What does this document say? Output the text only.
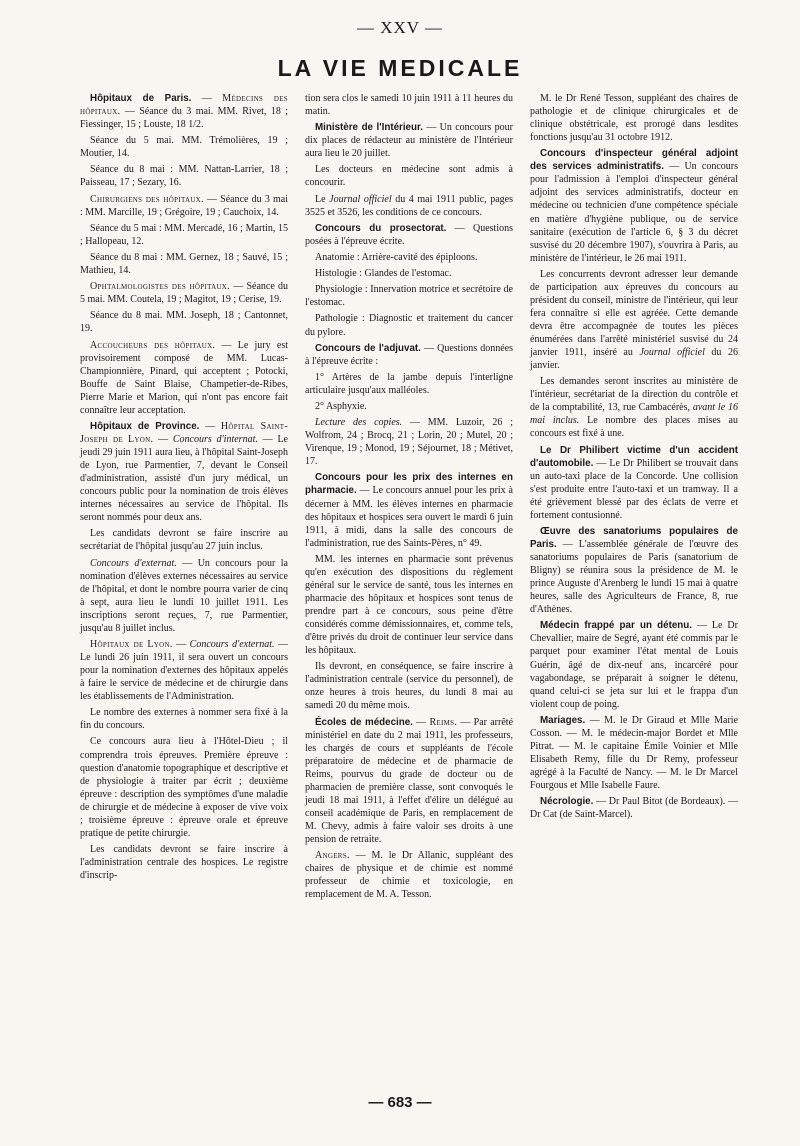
— XXV —
LA VIE MEDICALE

Hôpitaux de Paris. — Médecins des hôpitaux. — Séance du 3 mai. MM. Rivet, 18 ; Fiessinger, 15 ; Louste, 18 1/2.

Séance du 5 mai. MM. Trémolières, 19 ; Moutier, 14.

Séance du 8 mai : MM. Nattan-Larrier, 18 ; Paisseau, 17 ; Sezary, 16.

Chirurgiens des hôpitaux. — Séance du 3 mai : MM. Marcille, 19 ; Grégoire, 19 ; Cauchoix, 14.

Séance du 5 mai : MM. Mercadé, 16 ; Martin, 15 ; Hallopeau, 12.

Séance du 8 mai : MM. Gernez, 18 ; Sauvé, 15 ; Mathieu, 14.

Ophtalmologistes des hôpitaux. — Séance du 5 mai. MM. Coutela, 19 ; Magitot, 19 ; Cerise, 19.

Séance du 8 mai. MM. Joseph, 18 ; Cantonnet, 19.

Accoucheurs des hôpitaux. — Le jury est provisoirement composé de MM. Lucas-Championnière, Pinard, qui acceptent ; Potocki, Bouffe de Saint Blaise, Champetier-de-Ribes, Pierre Marie et Marion, qui n'ont pas encore fait connaître leur acceptation.

Hôpitaux de Province. — Hôpital Saint-Joseph de Lyon. — Concours d'internat. — Le jeudi 29 juin 1911 aura lieu, à l'hôpital Saint-Joseph de Lyon, rue Parmentier, 7, devant le Conseil d'administration, assisté d'un jury médical, un concours public pour la nomination de trois élèves internes nécessaires au service de l'hôpital. Ils seront nommés pour deux ans.

Les candidats devront se faire inscrire au secrétariat de l'hôpital jusqu'au 27 juin inclus.

Concours d'externat. — Un concours pour la nomination d'élèves externes nécessaires au service de l'hôpital, et dont le nombre pourra varier de cinq à sept, aura lieu le lundi 10 juillet 1911. Les inscriptions seront reçues, 7, rue Parmentier, jusqu'au 8 juillet inclus.

Hôpitaux de Lyon. — Concours d'externat. — Le lundi 26 juin 1911, il sera ouvert un concours pour la nomination d'externes des hôpitaux appelés à faire le service de médecine et de chirurgie dans les établissements de l'Administration.

Le nombre des externes à nommer sera fixé à la fin du concours.

Ce concours aura lieu à l'Hôtel-Dieu ; il comprendra trois épreuves. Première épreuve : question d'anatomie topographique et descriptive et de physiologie à traiter par écrit ; deuxième épreuve : description des symptômes d'une maladie de chirurgie et de médecine à exposer de vive voix ; troisième épreuve : épreuve orale et épreuve pratique de petite chirurgie.

Les candidats devront se faire inscrire à l'administration centrale des hospices. Le registre d'inscrip-

tion sera clos le samedi 10 juin 1911 à 11 heures du matin.

Ministère de l'Intérieur. — Un concours pour dix places de rédacteur au ministère de l'Intérieur aura lieu le 20 juillet.

Les docteurs en médecine sont admis à concourir.

Le Journal officiel du 4 mai 1911 public, pages 3525 et 3526, les conditions de ce concours.

Concours du prosectorat. — Questions posées à l'épreuve écrite.

Anatomie : Arrière-cavité des épiploons.

Histologie : Glandes de l'estomac.

Physiologie : Innervation motrice et secrétoire de l'estomac.

Pathologie : Diagnostic et traitement du cancer du pylore.

Concours de l'adjuvat. — Questions données à l'épreuve écrite :

1° Artères de la jambe depuis l'interligne articulaire jusqu'aux malléoles.

2° Asphyxie.

Lecture des copies. — MM. Luzoir, 26 ; Wolfrom, 24 ; Brocq, 21 ; Lorin, 20 ; Mutel, 20 ; Virenque, 19 ; Monod, 19 ; Séjournet, 18 ; Métivet, 17.

Concours pour les prix des internes en pharmacie. — Le concours annuel pour les prix à décerner à MM. les élèves internes en pharmacie des hôpitaux et hospices sera ouvert le mardi 6 juin 1911, à midi, dans la salle des concours de l'administration, rue des Saints-Pères, n° 49.

MM. les internes en pharmacie sont prévenus qu'en exécution des dispositions du règlement général sur le service de santé, tous les internes en pharmacie des hôpitaux et hospices sont tenus de prendre part à ce concours, sous peine d'être considérés comme démissionnaires, et, comme tels, d'être privés du droit de continuer leur service dans les hôpitaux.

Ils devront, en conséquence, se faire inscrire à l'administration centrale (service du personnel), de onze heures à trois heures, du lundi 8 mai au samedi 20 du même mois.

Écoles de médecine. — Reims. — Par arrêté ministériel en date du 2 mai 1911, les professeurs, les chargés de cours et suppléants de l'école préparatoire de médecine et de pharmacie de Reims, pourvus du grade de docteur ou de pharmacien de première classe, sont convoqués le jeudi 18 mai 1911, à l'effet d'élire un délégué au conseil académique de Paris, en remplacement de M. Chevy, admis à faire valoir ses droits à une pension de retraite.

Angers. — M. le Dr Allanic, suppléant des chaires de physique et de chimie est nommé professeur de chimie et toxicologie, en remplacement de M. A. Tesson.

M. le Dr René Tesson, suppléant des chaires de pathologie et de clinique chirurgicales et de clinique obstétricale, est prorogé dans lesdites fonctions jusqu'au 31 octobre 1912.

Concours d'inspecteur général adjoint des services administratifs. — Un concours pour l'admission à l'emploi d'inspecteur général adjoint des services administratifs, docteur en médecine ou technicien d'une compétence spéciale en matière d'hygiène publique, ou de service sanitaire (exécution de l'article 6, § 3 du décret susvisé du 20 décembre 1907), s'ouvrira à Paris, au ministère de l'intérieur, le 26 mai 1911.

Les concurrents devront adresser leur demande de participation aux épreuves du concours au président du conseil, ministre de l'intérieur, qui leur fera connaître si elle est agréée. Cette demande devra être accompagnée de toutes les pièces énumérées dans l'arrêté ministériel susvisé du 24 janvier 1911, inséré au Journal officiel du 26 janvier.

Les demandes seront inscrites au ministère de l'intérieur, secrétariat de la direction du contrôle et de la comptabilité, 13, rue Cambacérès, avant le 16 mai inclus. Le nombre des places mises au concours est fixé à une.

Le Dr Philibert victime d'un accident d'automobile. — Le Dr Philibert se trouvait dans un auto-taxi place de la Concorde. Une collision s'est produite entre l'auto-taxi et un tramway. Il a été grièvement blessé par des éclats de verre et fortement contusionné.

Œuvre des sanatoriums populaires de Paris. — L'assemblée générale de l'œuvre des sanatoriums populaires de Paris (sanatorium de Bligny) se réunira sous la présidence de M. le prince Auguste d'Arenberg le lundi 15 mai à quatre heures, salle des Agriculteurs de France, 8, rue d'Athènes.

Médecin frappé par un détenu. — Le Dr Chevallier, maire de Segré, ayant été commis par le parquet pour examiner l'état mental de Louis Guérin, âgé de dix-neuf ans, incarcéré pour vagabondage, se préparait à soigner le détenu, quand celui-ci se jeta sur lui et le frappa d'un violent coup de poing.

Mariages. — M. le Dr Giraud et Mlle Marie Cosson. — M. le médecin-major Bordet et Mlle Pitrat. — M. le capitaine Émile Voinier et Mlle Elisabeth Remy, fille du Dr Remy, professeur agrégé à la Faculté de Nancy. — M. le Dr Marcel Fourgous et Mlle Isabelle Faure.

Nécrologie. — Dr Paul Bitot (de Bordeaux). — Dr Cat (de Saint-Marcel).

— 683 —
